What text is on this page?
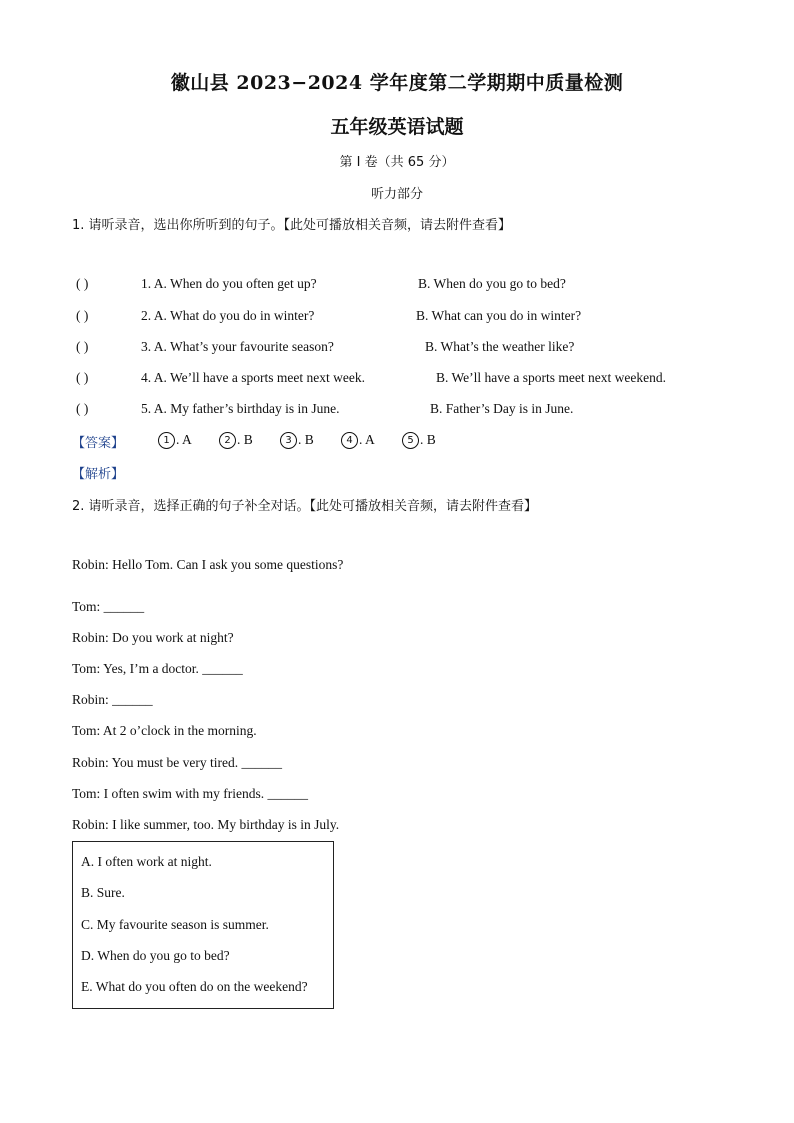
徽山县 2023−2024 学年度第二学期期中质量检测
五年级英语试题
第 I 卷（共 65 分）
听力部分
1. 请听录音，选出你所听到的句子。【此处可播放相关音频，请去附件查看】
( )	1. A. When do you often get up?	B. When do you go to bed?
( )	2. A. What do you do in winter?	B. What can you do in winter?
( )	3. A. What’s your favourite season?	B. What’s the weather like?
( )	4. A. We’ll have a sports meet next week.	B. We’ll have a sports meet next weekend.
( )	5. A. My father’s birthday is in June.	B. Father’s Day is in June.
【答案】	1 . A	2 . B	3 . B	4 . A	5 . B
【解析】
2. 请听录音，选择正确的句子补全对话。【此处可播放相关音频，请去附件查看】
Robin: Hello Tom. Can I ask you some questions?
Tom: ______
Robin: Do you work at night?
Tom: Yes, I’m a doctor. ______
Robin: ______
Tom: At 2 o’clock in the morning.
Robin: You must be very tired. ______
Tom: I often swim with my friends. ______
Robin: I like summer, too. My birthday is in July.
A. I often work at night.
B. Sure.
C. My favourite season is summer.
D. When do you go to bed?
E. What do you often do on the weekend?
